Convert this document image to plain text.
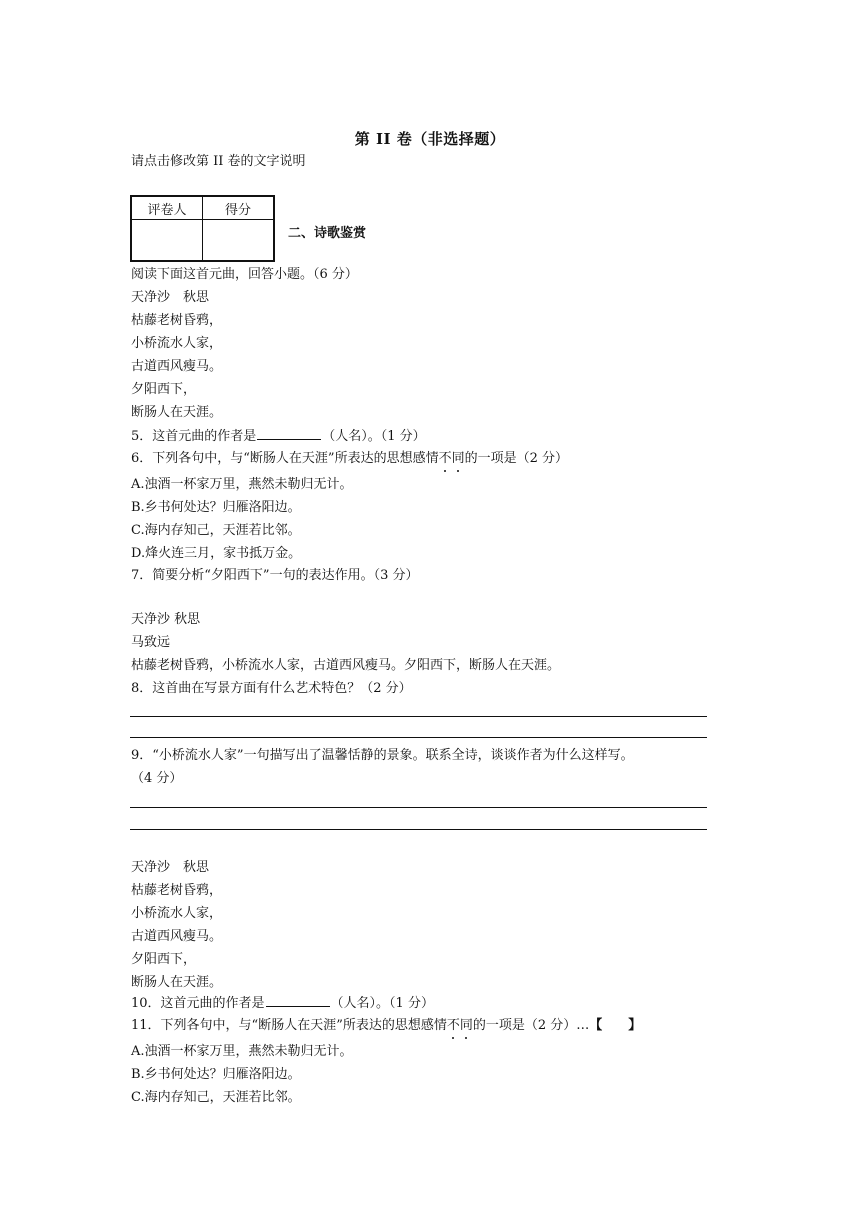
第 II 卷（非选择题）
请点击修改第 II 卷的文字说明
评卷人	得分

二、诗歌鉴赏
阅读下面这首元曲，回答小题。（6 分）
天净沙　秋思
枯藤老树昏鸦，
小桥流水人家，
古道西风瘦马。
夕阳西下，
断肠人在天涯。
5．这首元曲的作者是	（人名）。（1 分）
6．下列各句中，与“断肠人在天涯”所表达的思想感情不同的一项是（2 分）
A.浊酒一杯家万里，燕然未勒归无计。
B.乡书何处达？归雁洛阳边。
C.海内存知己，天涯若比邻。
D.烽火连三月，家书抵万金。
7．简要分析“夕阳西下”一句的表达作用。（3 分）
天净沙 秋思
马致远
枯藤老树昏鸦，小桥流水人家，古道西风瘦马。夕阳西下，断肠人在天涯。
8．这首曲在写景方面有什么艺术特色？（2 分）
9．“小桥流水人家”一句描写出了温馨恬静的景象。联系全诗，谈谈作者为什么这样写。
（4 分）
天净沙　秋思
枯藤老树昏鸦，
小桥流水人家，
古道西风瘦马。
夕阳西下，
断肠人在天涯。
10．这首元曲的作者是	（人名）。（1 分）
11．下列各句中，与“断肠人在天涯”所表达的思想感情不同的一项是（2 分）…【　　】
A.浊酒一杯家万里，燕然未勒归无计。
B.乡书何处达？归雁洛阳边。
C.海内存知己，天涯若比邻。
